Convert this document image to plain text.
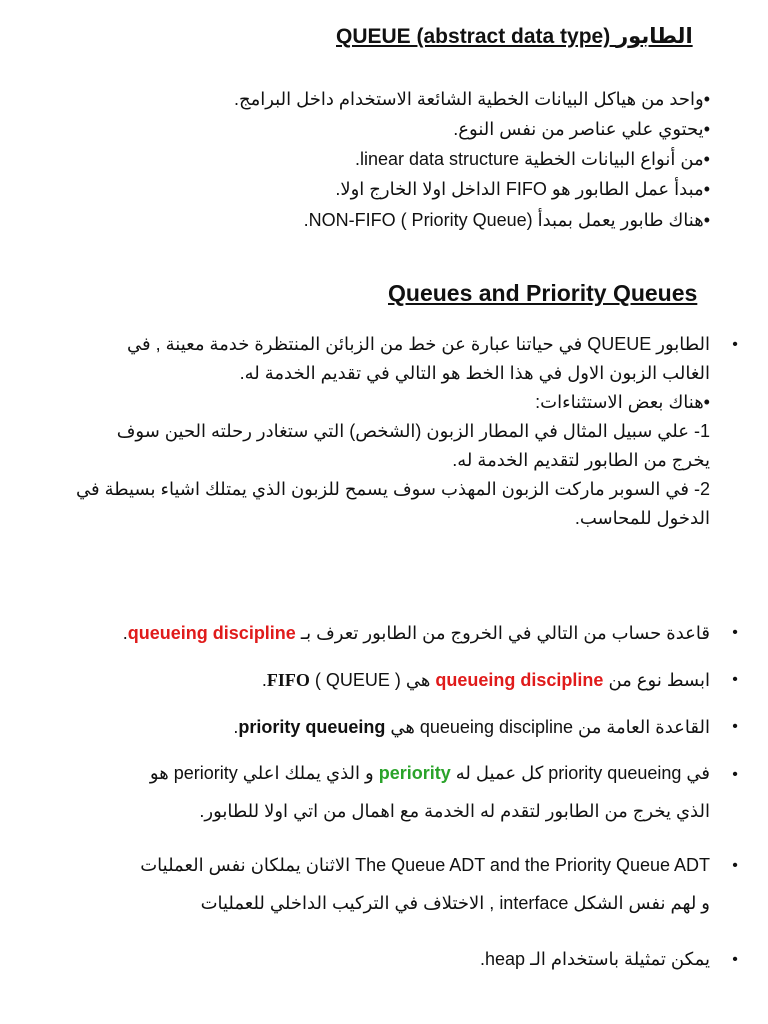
QUEUE (abstract data type) الطابور
•واحد من هياكل البيانات الخطية الشائعة الاستخدام داخل البرامج.
•يحتوي علي عناصر من نفس النوع.
•من أنواع البيانات الخطية linear data structure.
•مبدأ عمل الطابور هو FIFO الداخل اولا الخارج اولا.
•هناك طابور يعمل بمبدأ (NON-FIFO ( Priority Queue.
Queues and Priority Queues
•

الطابور QUEUE في حياتنا عبارة عن خط من الزبائن المنتظرة خدمة معينة , في

الغالب الزبون الاول في هذا الخط هو التالي في تقديم الخدمة له.

•هناك بعض الاستثناءات:

1- علي سبيل المثال في المطار الزبون (الشخص) التي ستغادر رحلته الحين سوف

يخرج من الطابور لتقديم الخدمة له.

2- في السوبر ماركت الزبون المهذب سوف يسمح للزبون الذي يمتلك اشياء بسيطة في

الدخول للمحاسب.

•
قاعدة حساب من التالي في الخروج من الطابور تعرف بـ queueing discipline.
•
ابسط نوع من queueing discipline هي ( QUEUE ) FIFO.
•
القاعدة العامة من queueing discipline هي priority queueing.
•
في priority queueing كل عميل له periority و الذي يملك اعلي periority هو
الذي يخرج من الطابور لتقدم له الخدمة مع اهمال من اتي اولا للطابور.
•
The Queue ADT and the Priority Queue ADT الاثنان يملكان نفس العمليات
و لهم نفس الشكل interface , الاختلاف في التركيب الداخلي للعمليات
•
يمكن تمثيلة باستخدام الـ heap.
